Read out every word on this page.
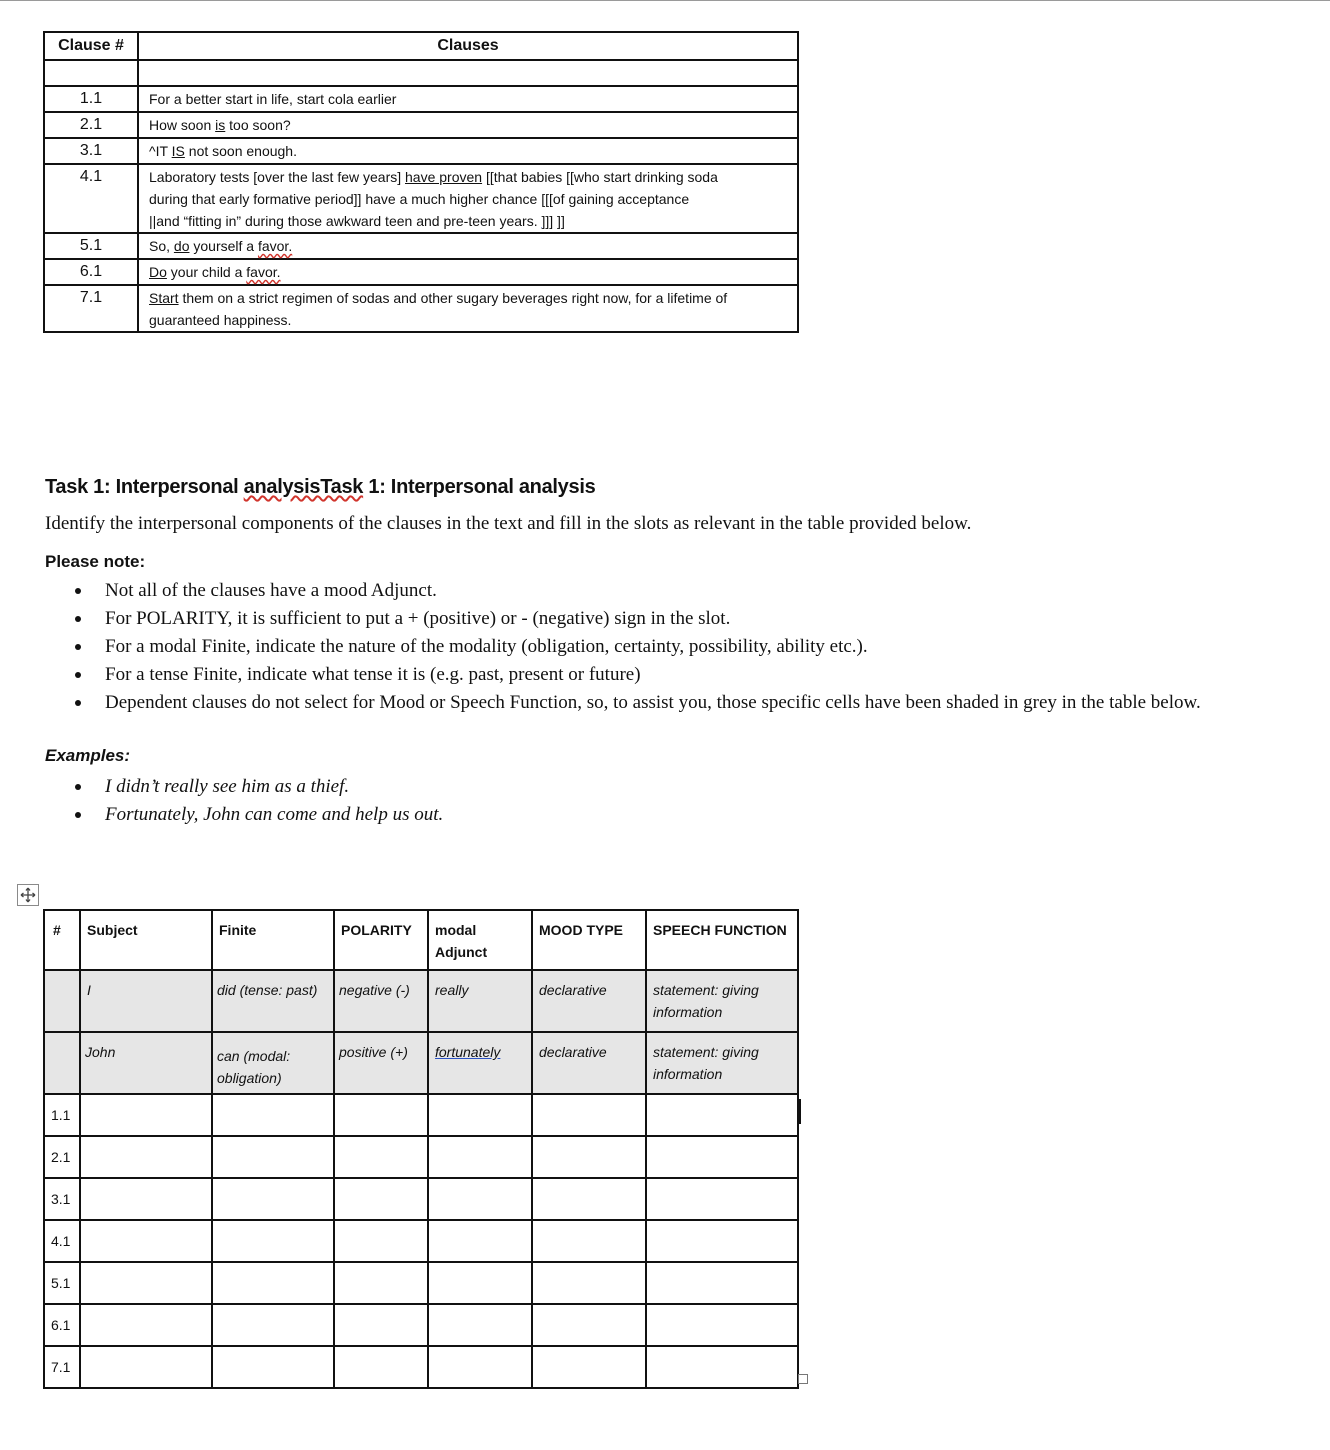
Clause #	Clauses

1.1	For a better start in life, start cola earlier
2.1	How soon is too soon?
3.1	^IT IS not soon enough.
4.1	Laboratory tests [over the last few years] have proven [[that babies [[who start drinking soda
during that early formative period]] have a much higher chance [[[of gaining acceptance
||and “fitting in” during those awkward teen and pre-teen years. ]]] ]]

5.1	So, do yourself a favor.
6.1	Do your child a favor.
7.1	Start them on a strict regimen of sodas and other sugary beverages right now, for a lifetime of
guaranteed happiness.
Task 1: Interpersonal analysisTask 1: Interpersonal analysis
Identify the interpersonal components of the clauses in the text and fill in the slots as relevant in the table provided below.
Please note:
Not all of the clauses have a mood Adjunct.
For POLARITY, it is sufficient to put a + (positive) or - (negative) sign in the slot.
For a modal Finite, indicate the nature of the modality (obligation, certainty, possibility, ability etc.).
For a tense Finite, indicate what tense it is (e.g. past, present or future)
Dependent clauses do not select for Mood or Speech Function, so, to assist you, those specific cells have been shaded in grey in the table below.
Examples:
I didn’t really see him as a thief.
Fortunately, John can come and help us out.
#	Subject	Finite	POLARITY	modal Adjunct	MOOD TYPE	SPEECH FUNCTION
	I	did (tense: past)	negative (-)	really	declarative	statement: giving information
	John	can (modal: obligation)	positive (+)	fortunately	declarative	statement: giving information
1.1						
2.1						
3.1						
4.1						
5.1						
6.1						
7.1						
